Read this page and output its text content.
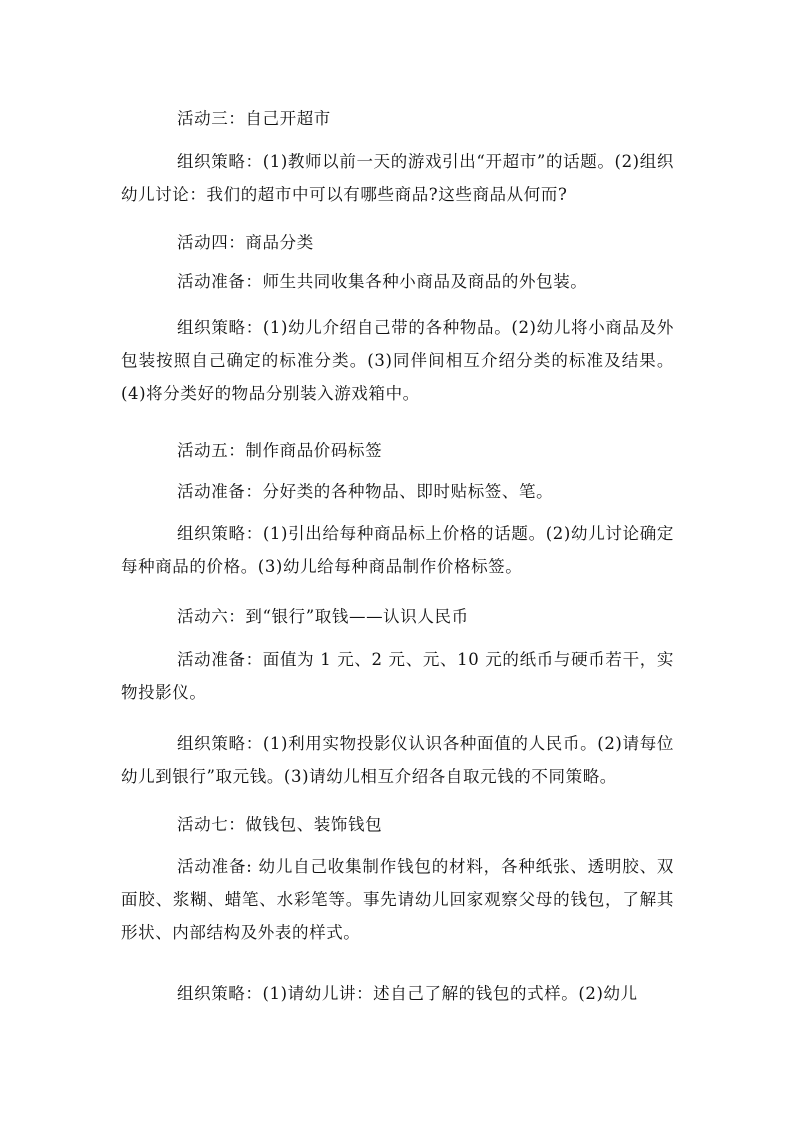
活动三：自己开超市

组织策略：(1)教师以前一天的游戏引出“开超市”的话题。(2)组织幼儿讨论：我们的超市中可以有哪些商品?这些商品从何而?

活动四：商品分类

活动准备：师生共同收集各种小商品及商品的外包装。

组织策略：(1)幼儿介绍自己带的各种物品。(2)幼儿将小商品及外包装按照自己确定的标准分类。(3)同伴间相互介绍分类的标准及结果。(4)将分类好的物品分别装入游戏箱中。

活动五：制作商品价码标签

活动准备：分好类的各种物品、即时贴标签、笔。

组织策略：(1)引出给每种商品标上价格的话题。(2)幼儿讨论确定每种商品的价格。(3)幼儿给每种商品制作价格标签。

活动六：到“银行”取钱——认识人民币

活动准备：面值为 1 元、2 元、元、10 元的纸币与硬币若干，实物投影仪。

组织策略：(1)利用实物投影仪认识各种面值的人民币。(2)请每位幼儿到银行”取元钱。(3)请幼儿相互介绍各自取元钱的不同策略。

活动七：做钱包、装饰钱包

活动准备: 幼儿自己收集制作钱包的材料，各种纸张、透明胶、双面胶、浆糊、蜡笔、水彩笔等。事先请幼儿回家观察父母的钱包，了解其形状、内部结构及外表的样式。

组织策略：(1)请幼儿讲：述自己了解的钱包的式样。(2)幼儿
